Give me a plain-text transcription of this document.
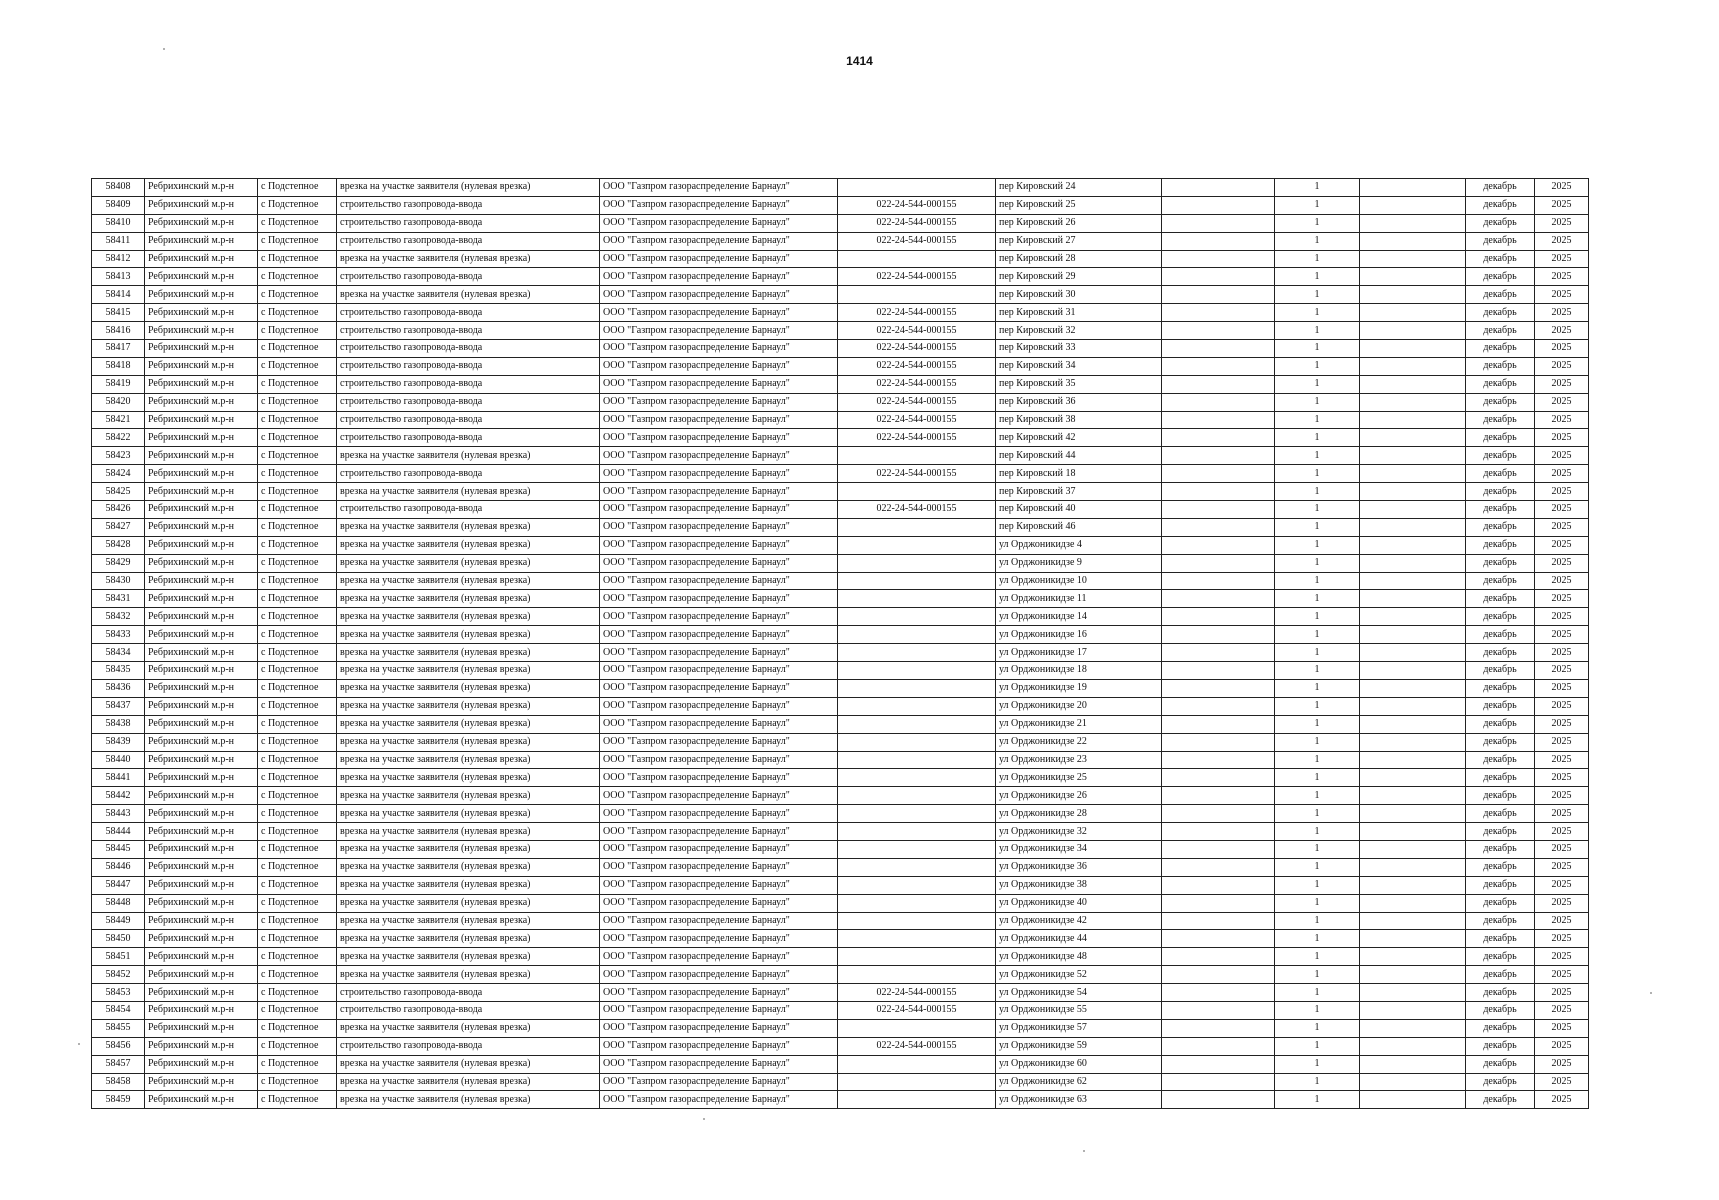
1414
58408	Ребрихинский м.р-н	с Подстепное	врезка на участке заявителя (нулевая врезка)	ООО "Газпром газораспределение Барнаул"		пер Кировский 24		1		декабрь	2025
58409	Ребрихинский м.р-н	с Подстепное	строительство газопровода-ввода	ООО "Газпром газораспределение Барнаул"	022-24-544-000155	пер Кировский 25		1		декабрь	2025
58410	Ребрихинский м.р-н	с Подстепное	строительство газопровода-ввода	ООО "Газпром газораспределение Барнаул"	022-24-544-000155	пер Кировский 26		1		декабрь	2025
58411	Ребрихинский м.р-н	с Подстепное	строительство газопровода-ввода	ООО "Газпром газораспределение Барнаул"	022-24-544-000155	пер Кировский 27		1		декабрь	2025
58412	Ребрихинский м.р-н	с Подстепное	врезка на участке заявителя (нулевая врезка)	ООО "Газпром газораспределение Барнаул"		пер Кировский 28		1		декабрь	2025
58413	Ребрихинский м.р-н	с Подстепное	строительство газопровода-ввода	ООО "Газпром газораспределение Барнаул"	022-24-544-000155	пер Кировский 29		1		декабрь	2025
58414	Ребрихинский м.р-н	с Подстепное	врезка на участке заявителя (нулевая врезка)	ООО "Газпром газораспределение Барнаул"		пер Кировский 30		1		декабрь	2025
58415	Ребрихинский м.р-н	с Подстепное	строительство газопровода-ввода	ООО "Газпром газораспределение Барнаул"	022-24-544-000155	пер Кировский 31		1		декабрь	2025
58416	Ребрихинский м.р-н	с Подстепное	строительство газопровода-ввода	ООО "Газпром газораспределение Барнаул"	022-24-544-000155	пер Кировский 32		1		декабрь	2025
58417	Ребрихинский м.р-н	с Подстепное	строительство газопровода-ввода	ООО "Газпром газораспределение Барнаул"	022-24-544-000155	пер Кировский 33		1		декабрь	2025
58418	Ребрихинский м.р-н	с Подстепное	строительство газопровода-ввода	ООО "Газпром газораспределение Барнаул"	022-24-544-000155	пер Кировский 34		1		декабрь	2025
58419	Ребрихинский м.р-н	с Подстепное	строительство газопровода-ввода	ООО "Газпром газораспределение Барнаул"	022-24-544-000155	пер Кировский 35		1		декабрь	2025
58420	Ребрихинский м.р-н	с Подстепное	строительство газопровода-ввода	ООО "Газпром газораспределение Барнаул"	022-24-544-000155	пер Кировский 36		1		декабрь	2025
58421	Ребрихинский м.р-н	с Подстепное	строительство газопровода-ввода	ООО "Газпром газораспределение Барнаул"	022-24-544-000155	пер Кировский 38		1		декабрь	2025
58422	Ребрихинский м.р-н	с Подстепное	строительство газопровода-ввода	ООО "Газпром газораспределение Барнаул"	022-24-544-000155	пер Кировский 42		1		декабрь	2025
58423	Ребрихинский м.р-н	с Подстепное	врезка на участке заявителя (нулевая врезка)	ООО "Газпром газораспределение Барнаул"		пер Кировский 44		1		декабрь	2025
58424	Ребрихинский м.р-н	с Подстепное	строительство газопровода-ввода	ООО "Газпром газораспределение Барнаул"	022-24-544-000155	пер Кировский 18		1		декабрь	2025
58425	Ребрихинский м.р-н	с Подстепное	врезка на участке заявителя (нулевая врезка)	ООО "Газпром газораспределение Барнаул"		пер Кировский 37		1		декабрь	2025
58426	Ребрихинский м.р-н	с Подстепное	строительство газопровода-ввода	ООО "Газпром газораспределение Барнаул"	022-24-544-000155	пер Кировский 40		1		декабрь	2025
58427	Ребрихинский м.р-н	с Подстепное	врезка на участке заявителя (нулевая врезка)	ООО "Газпром газораспределение Барнаул"		пер Кировский 46		1		декабрь	2025
58428	Ребрихинский м.р-н	с Подстепное	врезка на участке заявителя (нулевая врезка)	ООО "Газпром газораспределение Барнаул"		ул Орджоникидзе 4		1		декабрь	2025
58429	Ребрихинский м.р-н	с Подстепное	врезка на участке заявителя (нулевая врезка)	ООО "Газпром газораспределение Барнаул"		ул Орджоникидзе 9		1		декабрь	2025
58430	Ребрихинский м.р-н	с Подстепное	врезка на участке заявителя (нулевая врезка)	ООО "Газпром газораспределение Барнаул"		ул Орджоникидзе 10		1		декабрь	2025
58431	Ребрихинский м.р-н	с Подстепное	врезка на участке заявителя (нулевая врезка)	ООО "Газпром газораспределение Барнаул"		ул Орджоникидзе 11		1		декабрь	2025
58432	Ребрихинский м.р-н	с Подстепное	врезка на участке заявителя (нулевая врезка)	ООО "Газпром газораспределение Барнаул"		ул Орджоникидзе 14		1		декабрь	2025
58433	Ребрихинский м.р-н	с Подстепное	врезка на участке заявителя (нулевая врезка)	ООО "Газпром газораспределение Барнаул"		ул Орджоникидзе 16		1		декабрь	2025
58434	Ребрихинский м.р-н	с Подстепное	врезка на участке заявителя (нулевая врезка)	ООО "Газпром газораспределение Барнаул"		ул Орджоникидзе 17		1		декабрь	2025
58435	Ребрихинский м.р-н	с Подстепное	врезка на участке заявителя (нулевая врезка)	ООО "Газпром газораспределение Барнаул"		ул Орджоникидзе 18		1		декабрь	2025
58436	Ребрихинский м.р-н	с Подстепное	врезка на участке заявителя (нулевая врезка)	ООО "Газпром газораспределение Барнаул"		ул Орджоникидзе 19		1		декабрь	2025
58437	Ребрихинский м.р-н	с Подстепное	врезка на участке заявителя (нулевая врезка)	ООО "Газпром газораспределение Барнаул"		ул Орджоникидзе 20		1		декабрь	2025
58438	Ребрихинский м.р-н	с Подстепное	врезка на участке заявителя (нулевая врезка)	ООО "Газпром газораспределение Барнаул"		ул Орджоникидзе 21		1		декабрь	2025
58439	Ребрихинский м.р-н	с Подстепное	врезка на участке заявителя (нулевая врезка)	ООО "Газпром газораспределение Барнаул"		ул Орджоникидзе 22		1		декабрь	2025
58440	Ребрихинский м.р-н	с Подстепное	врезка на участке заявителя (нулевая врезка)	ООО "Газпром газораспределение Барнаул"		ул Орджоникидзе 23		1		декабрь	2025
58441	Ребрихинский м.р-н	с Подстепное	врезка на участке заявителя (нулевая врезка)	ООО "Газпром газораспределение Барнаул"		ул Орджоникидзе 25		1		декабрь	2025
58442	Ребрихинский м.р-н	с Подстепное	врезка на участке заявителя (нулевая врезка)	ООО "Газпром газораспределение Барнаул"		ул Орджоникидзе 26		1		декабрь	2025
58443	Ребрихинский м.р-н	с Подстепное	врезка на участке заявителя (нулевая врезка)	ООО "Газпром газораспределение Барнаул"		ул Орджоникидзе 28		1		декабрь	2025
58444	Ребрихинский м.р-н	с Подстепное	врезка на участке заявителя (нулевая врезка)	ООО "Газпром газораспределение Барнаул"		ул Орджоникидзе 32		1		декабрь	2025
58445	Ребрихинский м.р-н	с Подстепное	врезка на участке заявителя (нулевая врезка)	ООО "Газпром газораспределение Барнаул"		ул Орджоникидзе 34		1		декабрь	2025
58446	Ребрихинский м.р-н	с Подстепное	врезка на участке заявителя (нулевая врезка)	ООО "Газпром газораспределение Барнаул"		ул Орджоникидзе 36		1		декабрь	2025
58447	Ребрихинский м.р-н	с Подстепное	врезка на участке заявителя (нулевая врезка)	ООО "Газпром газораспределение Барнаул"		ул Орджоникидзе 38		1		декабрь	2025
58448	Ребрихинский м.р-н	с Подстепное	врезка на участке заявителя (нулевая врезка)	ООО "Газпром газораспределение Барнаул"		ул Орджоникидзе 40		1		декабрь	2025
58449	Ребрихинский м.р-н	с Подстепное	врезка на участке заявителя (нулевая врезка)	ООО "Газпром газораспределение Барнаул"		ул Орджоникидзе 42		1		декабрь	2025
58450	Ребрихинский м.р-н	с Подстепное	врезка на участке заявителя (нулевая врезка)	ООО "Газпром газораспределение Барнаул"		ул Орджоникидзе 44		1		декабрь	2025
58451	Ребрихинский м.р-н	с Подстепное	врезка на участке заявителя (нулевая врезка)	ООО "Газпром газораспределение Барнаул"		ул Орджоникидзе 48		1		декабрь	2025
58452	Ребрихинский м.р-н	с Подстепное	врезка на участке заявителя (нулевая врезка)	ООО "Газпром газораспределение Барнаул"		ул Орджоникидзе 52		1		декабрь	2025
58453	Ребрихинский м.р-н	с Подстепное	строительство газопровода-ввода	ООО "Газпром газораспределение Барнаул"	022-24-544-000155	ул Орджоникидзе 54		1		декабрь	2025
58454	Ребрихинский м.р-н	с Подстепное	строительство газопровода-ввода	ООО "Газпром газораспределение Барнаул"	022-24-544-000155	ул Орджоникидзе 55		1		декабрь	2025
58455	Ребрихинский м.р-н	с Подстепное	врезка на участке заявителя (нулевая врезка)	ООО "Газпром газораспределение Барнаул"		ул Орджоникидзе 57		1		декабрь	2025
58456	Ребрихинский м.р-н	с Подстепное	строительство газопровода-ввода	ООО "Газпром газораспределение Барнаул"	022-24-544-000155	ул Орджоникидзе 59		1		декабрь	2025
58457	Ребрихинский м.р-н	с Подстепное	врезка на участке заявителя (нулевая врезка)	ООО "Газпром газораспределение Барнаул"		ул Орджоникидзе 60		1		декабрь	2025
58458	Ребрихинский м.р-н	с Подстепное	врезка на участке заявителя (нулевая врезка)	ООО "Газпром газораспределение Барнаул"		ул Орджоникидзе 62		1		декабрь	2025
58459	Ребрихинский м.р-н	с Подстепное	врезка на участке заявителя (нулевая врезка)	ООО "Газпром газораспределение Барнаул"		ул Орджоникидзе 63		1		декабрь	2025
